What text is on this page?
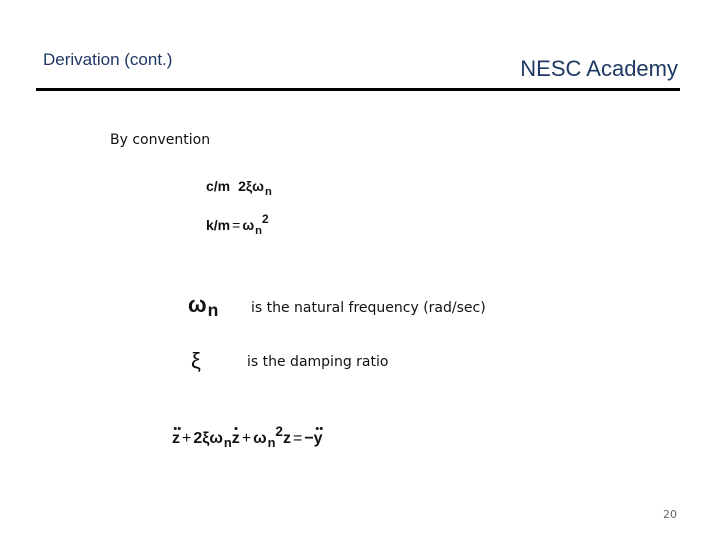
Derivation (cont.)	NESC Academy
By convention
c/m $2\xi\omega_n$
$k/m = \omega_n^2$
ωn is the natural frequency (rad/sec)
ξ	is the damping ratio
$z + 2\xi\omega_nz + \omega_n^2z = -y$
20
